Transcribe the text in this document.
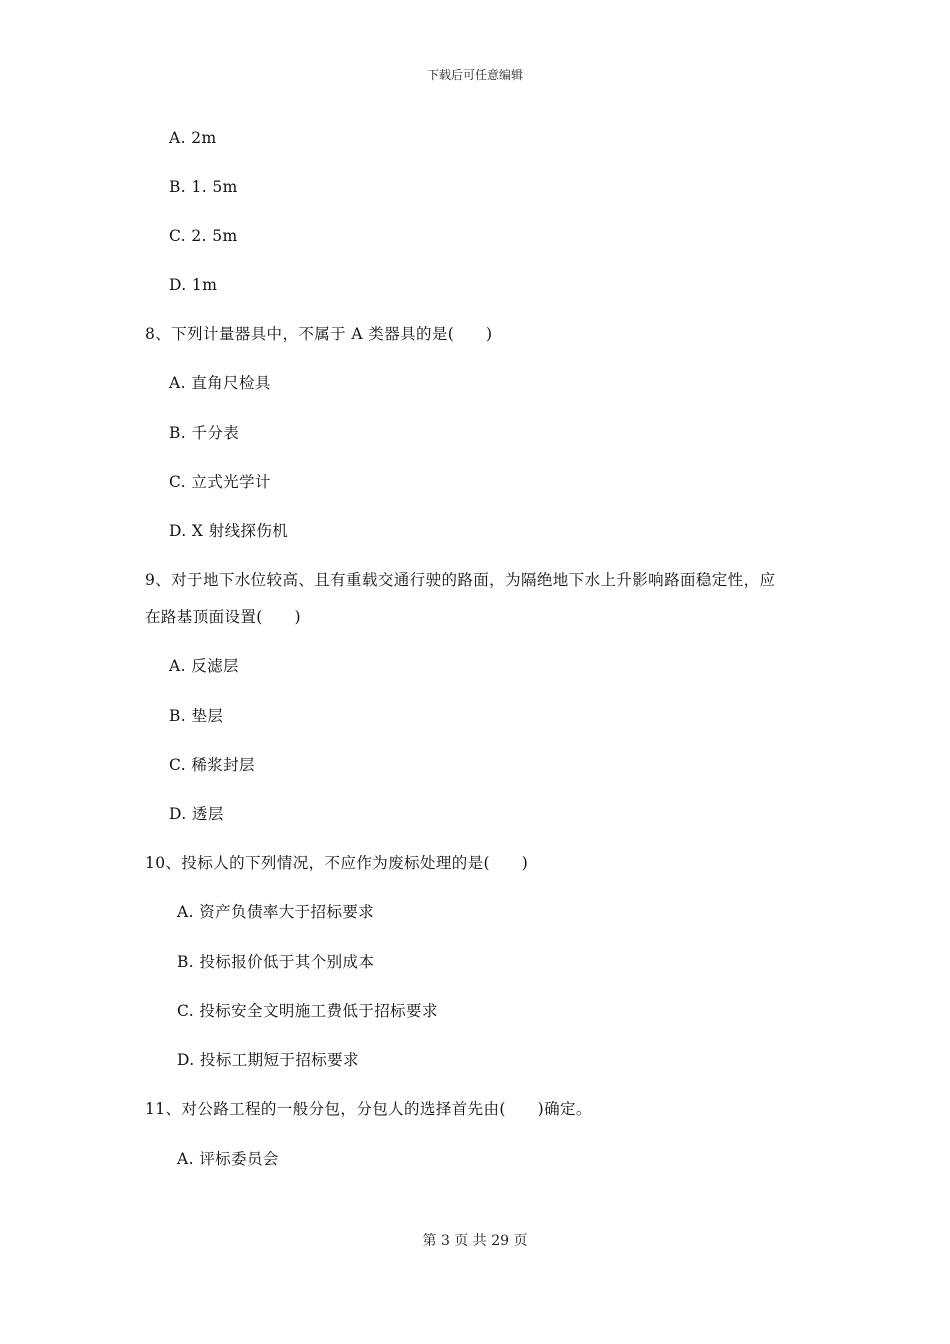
下载后可任意编辑
A. 2m
B. 1. 5m
C. 2. 5m
D. 1m
8、下列计量器具中，不属于 A 类器具的是(　　)
A. 直角尺检具
B. 千分表
C. 立式光学计
D. X 射线探伤机
9、对于地下水位较高、且有重载交通行驶的路面，为隔绝地下水上升影响路面稳定性，应
在路基顶面设置(　　)
A. 反滤层
B. 垫层
C. 稀浆封层
D. 透层
10、投标人的下列情况，不应作为废标处理的是(　　)
A. 资产负债率大于招标要求
B. 投标报价低于其个别成本
C. 投标安全文明施工费低于招标要求
D. 投标工期短于招标要求
11、对公路工程的一般分包，分包人的选择首先由(　　)确定。
A. 评标委员会
第 3 页 共 29 页
